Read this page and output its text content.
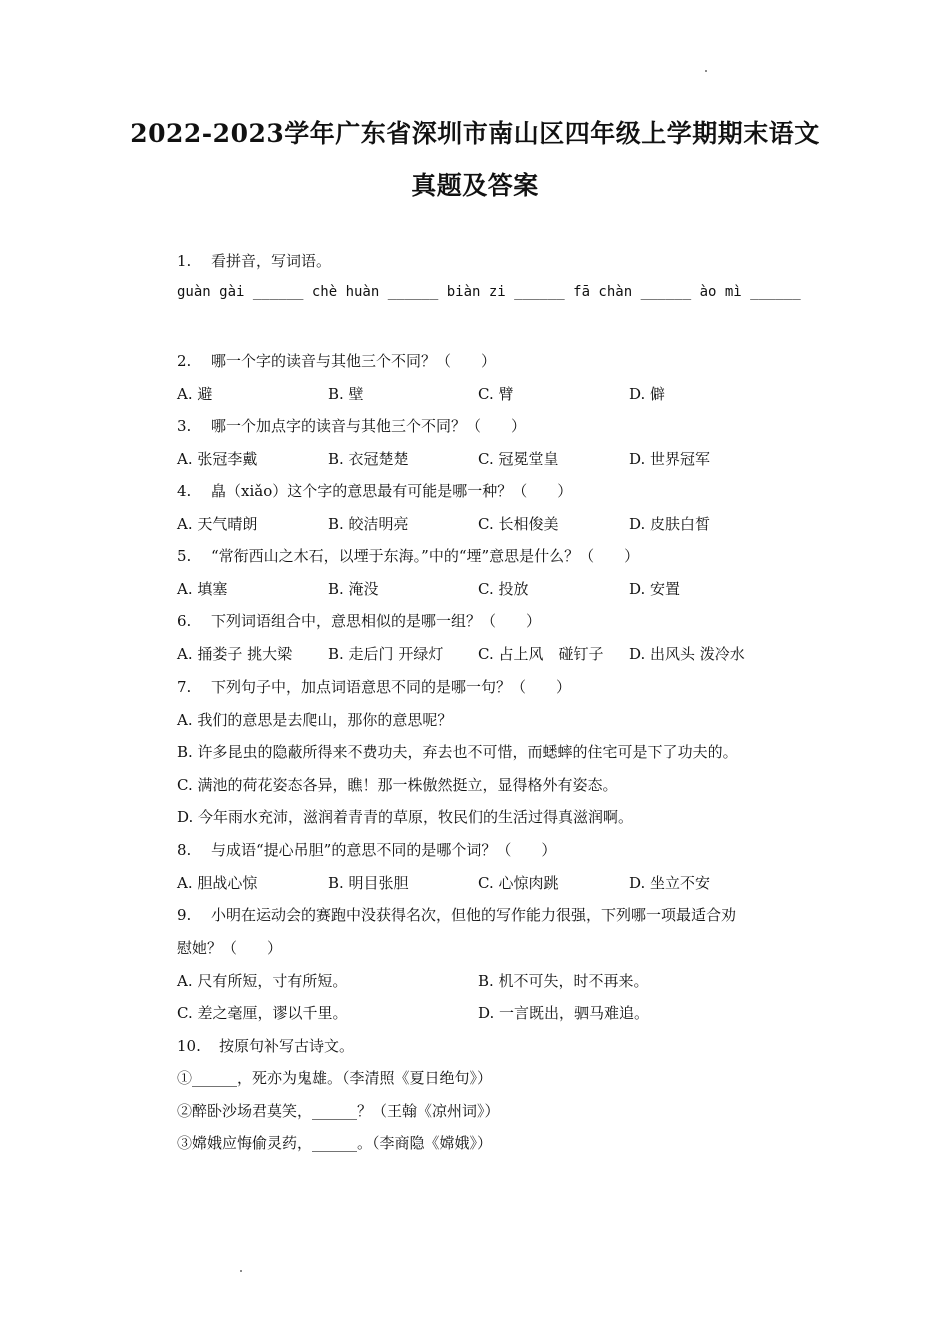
2022-2023学年广东省深圳市南山区四年级上学期期末语文
真题及答案
1. 看拼音，写词语。
guàn gài ______ chè huàn ______ biàn zi ______ fā chàn ______ ào mì ______
2. 哪一个字的读音与其他三个不同？（　　）
A. 避	B. 壁	C. 臂	D. 僻
3. 哪一个加点字的读音与其他三个不同？（　　）
A. 张冠李戴	B. 衣冠楚楚	C. 冠冕堂皇	D. 世界冠军
4. 皛（xiǎo）这个字的意思最有可能是哪一种？（　　）
A. 天气晴朗	B. 皎洁明亮	C. 长相俊美	D. 皮肤白皙
5. “常衔西山之木石，以堙于东海。”中的“堙”意思是什么？（　　）
A. 填塞	B. 淹没	C. 投放	D. 安置
6. 下列词语组合中，意思相似的是哪一组？（　　）
A. 捅娄子 挑大梁 B. 走后门 开绿灯 C. 占上风　碰钉子 D. 出风头 泼冷水
7. 下列句子中，加点词语意思不同的是哪一句？（　　）
A. 我们的意思是去爬山，那你的意思呢？
B. 许多昆虫的隐蔽所得来不费功夫，弃去也不可惜，而蟋蟀的住宅可是下了功夫的。
C. 满池的荷花姿态各异，瞧！那一株傲然挺立，显得格外有姿态。
D. 今年雨水充沛，滋润着青青的草原，牧民们的生活过得真滋润啊。
8. 与成语“提心吊胆”的意思不同的是哪个词？（　　）
A. 胆战心惊	B. 明目张胆	C. 心惊肉跳	D. 坐立不安
9. 小明在运动会的赛跑中没获得名次，但他的写作能力很强，下列哪一项最适合劝
慰她？（　　）
A. 尺有所短，寸有所短。	B. 机不可失，时不再来。
C. 差之毫厘，谬以千里。	D. 一言既出，驷马难追。
10. 按原句补写古诗文。
①______，死亦为鬼雄。（李清照《夏日绝句》）
②醉卧沙场君莫笑，______？（王翰《凉州词》）
③嫦娥应悔偷灵药，______。（李商隐《嫦娥》）
